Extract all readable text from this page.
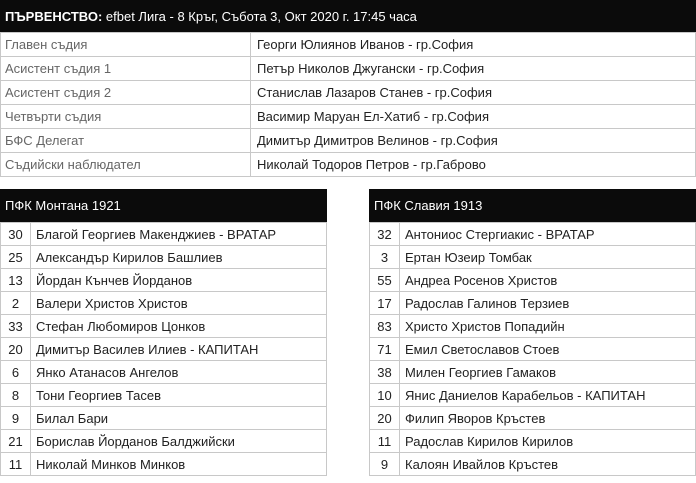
ПЪРВЕНСТВО:
efbet Лига - 8 Кръг, Събота 3, Окт 2020 г. 17:45 часа
Главен съдия	Георги Юлиянов Иванов - гр.София
Асистент съдия 1	Петър Николов Джугански - гр.София
Асистент съдия 2	Станислав Лазаров Станев - гр.София
Четвърти съдия	Васимир Маруан Ел-Хатиб - гр.София
БФС Делегат	Димитър Димитров Велинов - гр.София
Съдийски наблюдател	Николай Тодоров Петров - гр.Габрово
ПФК Монтана 1921
30	Благой Георгиев Макенджиев - ВРАТАР
25	Александър Кирилов Башлиев
13	Йордан Кънчев Йорданов
2	Валери Христов Христов
33	Стефан Любомиров Цонков
20	Димитър Василев Илиев - КАПИТАН
6	Янко Атанасов Ангелов
8	Тони Георгиев Тасев
9	Билал Бари
21	Борислав Йорданов Балджийски
11	Николай Минков Минков
ПФК Славия 1913
32	Антониос Стергиакис - ВРАТАР
3	Ертан Юзеир Томбак
55	Андреа Росенов Христов
17	Радослав Галинов Терзиев
83	Христо Христов Попадийн
71	Емил Светославов Стоев
38	Милен Георгиев Гамаков
10	Янис Даниелов Карабельов - КАПИТАН
20	Филип Яворов Кръстев
11	Радослав Кирилов Кирилов
9	Калоян Ивайлов Кръстев
